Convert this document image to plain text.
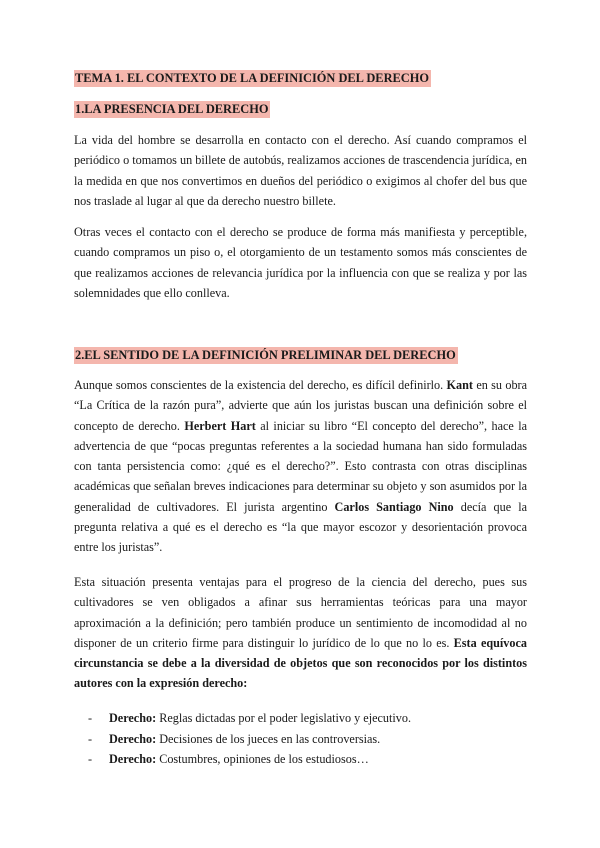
TEMA 1. EL CONTEXTO DE LA DEFINICIÓN DEL DERECHO
1.LA PRESENCIA DEL DERECHO

La vida del hombre se desarrolla en contacto con el derecho. Así cuando compramos el periódico o tomamos un billete de autobús, realizamos acciones de trascendencia jurídica, en la medida en que nos convertimos en dueños del periódico o exigimos al chofer del bus que nos traslade al lugar al que da derecho nuestro billete.

Otras veces el contacto con el derecho se produce de forma más manifiesta y perceptible, cuando compramos un piso o, el otorgamiento de un testamento somos más conscientes de que realizamos acciones de relevancia jurídica por la influencia con que se realiza y por las solemnidades que ello conlleva.

2.EL SENTIDO DE LA DEFINICIÓN PRELIMINAR DEL DERECHO

Aunque somos conscientes de la existencia del derecho, es difícil definirlo. Kant en su obra “La Crítica de la razón pura”, advierte que aún los juristas buscan una definición sobre el concepto de derecho. Herbert Hart al iniciar su libro “El concepto del derecho”, hace la advertencia de que “pocas preguntas referentes a la sociedad humana han sido formuladas con tanta persistencia como: ¿qué es el derecho?”. Esto contrasta con otras disciplinas académicas que señalan breves indicaciones para determinar su objeto y son asumidos por la generalidad de cultivadores. El jurista argentino Carlos Santiago Nino decía que la pregunta relativa a qué es el derecho es “la que mayor escozor y desorientación provoca entre los juristas”.

Esta situación presenta ventajas para el progreso de la ciencia del derecho, pues sus cultivadores se ven obligados a afinar sus herramientas teóricas para una mayor aproximación a la definición; pero también produce un sentimiento de incomodidad al no disponer de un criterio firme para distinguir lo jurídico de lo que no lo es. Esta equívoca circunstancia se debe a la diversidad de objetos que son reconocidos por los distintos autores con la expresión derecho:

- Derecho: Reglas dictadas por el poder legislativo y ejecutivo.
- Derecho: Decisiones de los jueces en las controversias.
- Derecho: Costumbres, opiniones de los estudiosos…
